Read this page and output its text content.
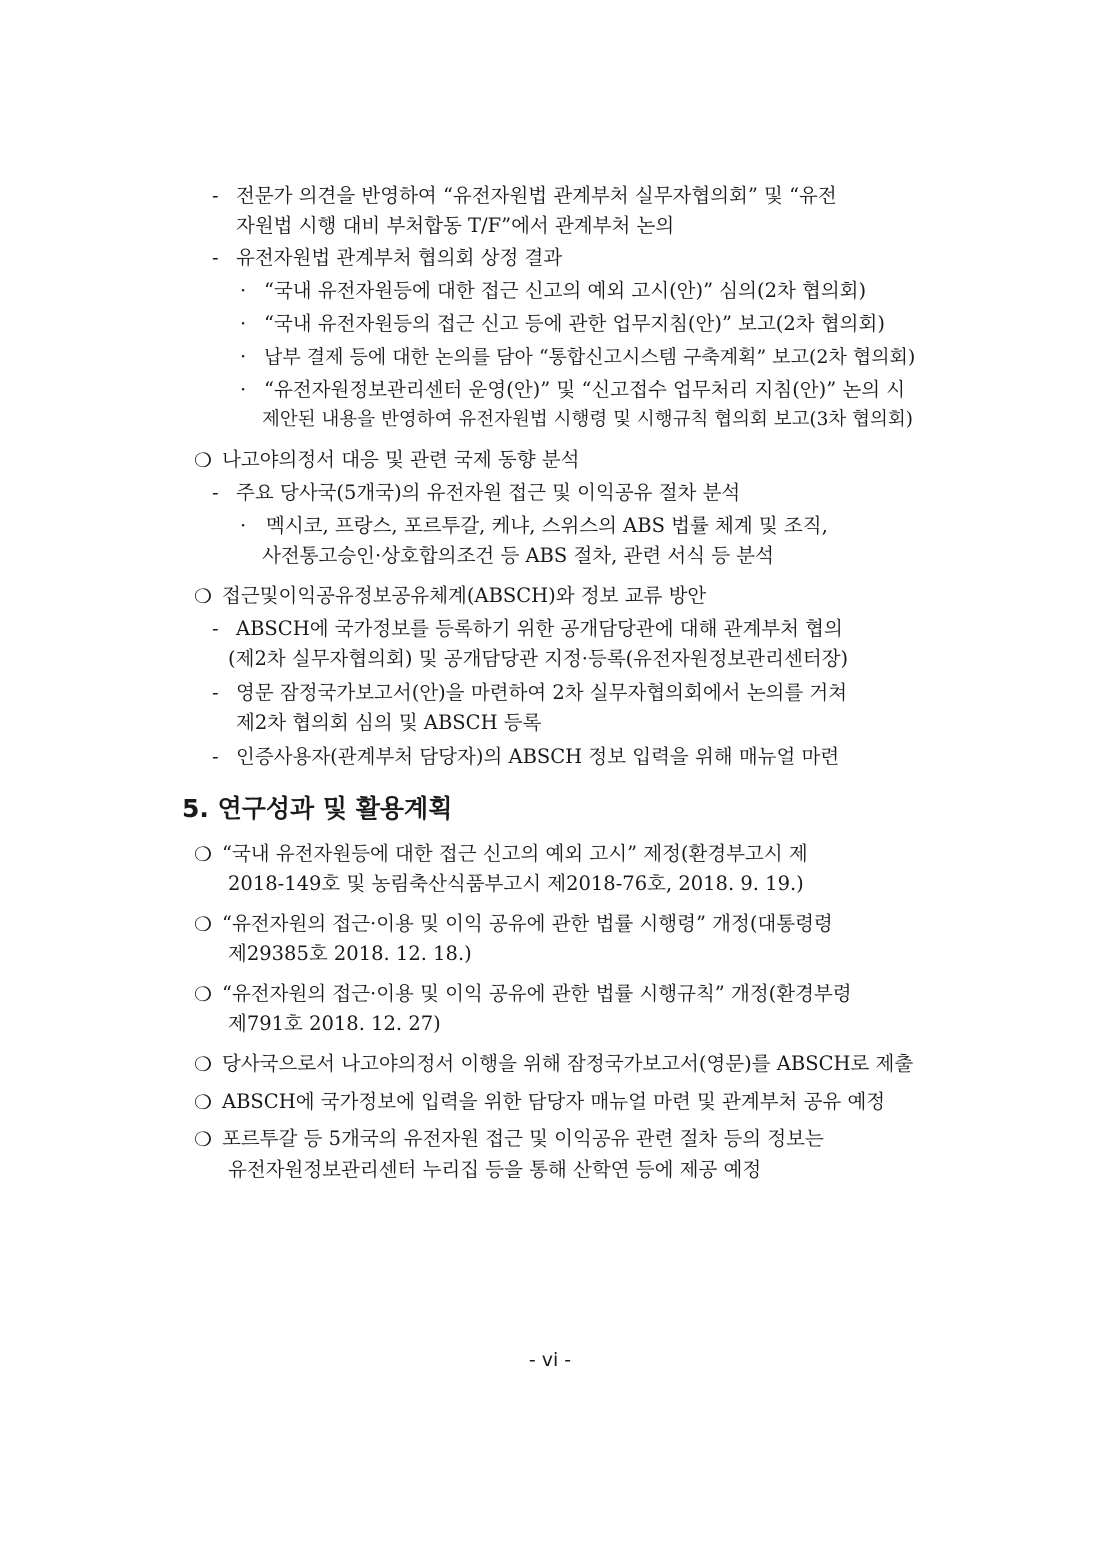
- 전문가 의견을 반영하여 “유전자원법 관계부처 실무자협의회” 및 “유전
자원법 시행 대비 부처합동 T/F”에서 관계부처 논의
- 유전자원법 관계부처 협의회 상정 결과
· “국내 유전자원등에 대한 접근 신고의 예외 고시(안)” 심의(2차 협의회)
· “국내 유전자원등의 접근 신고 등에 관한 업무지침(안)” 보고(2차 협의회)
· 납부 결제 등에 대한 논의를 담아 “통합신고시스템 구축계획” 보고(2차 협의회)
· “유전자원정보관리센터 운영(안)” 및 “신고접수 업무처리 지침(안)” 논의 시
제안된 내용을 반영하여 유전자원법 시행령 및 시행규칙 협의회 보고(3차 협의회)
❍ 나고야의정서 대응 및 관련 국제 동향 분석
- 주요 당사국(5개국)의 유전자원 접근 및 이익공유 절차 분석
· 멕시코, 프랑스, 포르투갈, 케냐, 스위스의 ABS 법률 체계 및 조직,
사전통고승인·상호합의조건 등 ABS 절차, 관련 서식 등 분석
❍ 접근및이익공유정보공유체계(ABSCH)와 정보 교류 방안
- ABSCH에 국가정보를 등록하기 위한 공개담당관에 대해 관계부처 협의
(제2차 실무자협의회) 및 공개담당관 지정·등록(유전자원정보관리센터장)
- 영문 잠정국가보고서(안)을 마련하여 2차 실무자협의회에서 논의를 거쳐
제2차 협의회 심의 및 ABSCH 등록
- 인증사용자(관계부처 담당자)의 ABSCH 정보 입력을 위해 매뉴얼 마련
5. 연구성과 및 활용계획
❍ “국내 유전자원등에 대한 접근 신고의 예외 고시” 제정(환경부고시 제
2018-149호 및 농림축산식품부고시 제2018-76호, 2018. 9. 19.)
❍ “유전자원의 접근·이용 및 이익 공유에 관한 법률 시행령” 개정(대통령령
제29385호 2018. 12. 18.)
❍ “유전자원의 접근·이용 및 이익 공유에 관한 법률 시행규칙” 개정(환경부령
제791호 2018. 12. 27)
❍ 당사국으로서 나고야의정서 이행을 위해 잠정국가보고서(영문)를 ABSCH로 제출
❍ ABSCH에 국가정보에 입력을 위한 담당자 매뉴얼 마련 및 관계부처 공유 예정
❍ 포르투갈 등 5개국의 유전자원 접근 및 이익공유 관련 절차 등의 정보는
유전자원정보관리센터 누리집 등을 통해 산학연 등에 제공 예정
- vi -
